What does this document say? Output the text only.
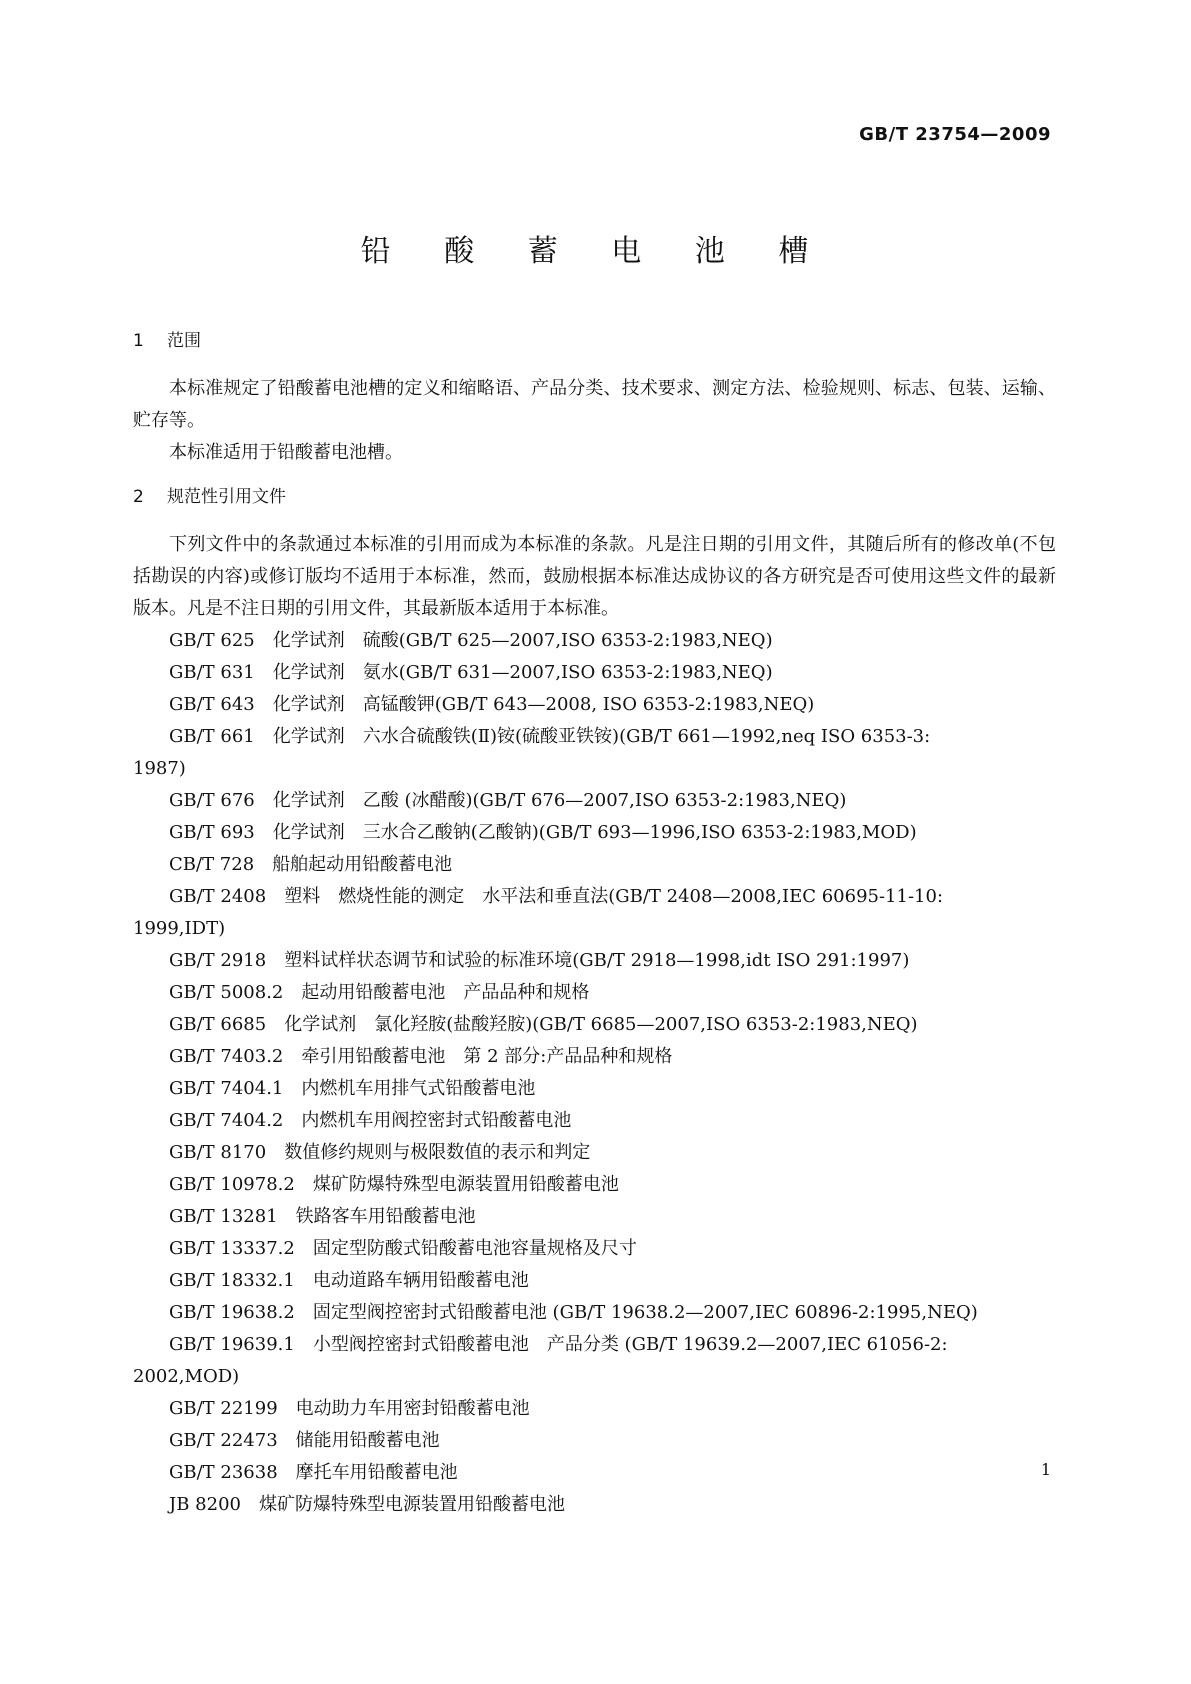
GB/T 23754—2009
铅 酸 蓄 电 池 槽
1 范围
本标准规定了铅酸蓄电池槽的定义和缩略语、产品分类、技术要求、测定方法、检验规则、标志、包装、运输、贮存等。
本标准适用于铅酸蓄电池槽。
2 规范性引用文件
下列文件中的条款通过本标准的引用而成为本标准的条款。凡是注日期的引用文件，其随后所有的修改单(不包括勘误的内容)或修订版均不适用于本标准，然而，鼓励根据本标准达成协议的各方研究是否可使用这些文件的最新版本。凡是不注日期的引用文件，其最新版本适用于本标准。
GB/T 625　化学试剂　硫酸(GB/T 625—2007,ISO 6353-2:1983,NEQ)
GB/T 631　化学试剂　氨水(GB/T 631—2007,ISO 6353-2:1983,NEQ)
GB/T 643　化学试剂　高锰酸钾(GB/T 643—2008, ISO 6353-2:1983,NEQ)
GB/T 661　化学试剂　六水合硫酸铁(Ⅱ)铵(硫酸亚铁铵)(GB/T 661—1992,neq ISO 6353-3:
1987)
GB/T 676　化学试剂　乙酸 (冰醋酸)(GB/T 676—2007,ISO 6353-2:1983,NEQ)
GB/T 693　化学试剂　三水合乙酸钠(乙酸钠)(GB/T 693—1996,ISO 6353-2:1983,MOD)
CB/T 728　船舶起动用铅酸蓄电池
GB/T 2408　塑料　燃烧性能的测定　水平法和垂直法(GB/T 2408—2008,IEC 60695-11-10:
1999,IDT)
GB/T 2918　塑料试样状态调节和试验的标准环境(GB/T 2918—1998,idt ISO 291:1997)
GB/T 5008.2　起动用铅酸蓄电池　产品品种和规格
GB/T 6685　化学试剂　氯化羟胺(盐酸羟胺)(GB/T 6685—2007,ISO 6353-2:1983,NEQ)
GB/T 7403.2　牵引用铅酸蓄电池　第 2 部分:产品品种和规格
GB/T 7404.1　内燃机车用排气式铅酸蓄电池
GB/T 7404.2　内燃机车用阀控密封式铅酸蓄电池
GB/T 8170　数值修约规则与极限数值的表示和判定
GB/T 10978.2　煤矿防爆特殊型电源装置用铅酸蓄电池
GB/T 13281　铁路客车用铅酸蓄电池
GB/T 13337.2　固定型防酸式铅酸蓄电池容量规格及尺寸
GB/T 18332.1　电动道路车辆用铅酸蓄电池
GB/T 19638.2　固定型阀控密封式铅酸蓄电池 (GB/T 19638.2—2007,IEC 60896-2:1995,NEQ)
GB/T 19639.1　小型阀控密封式铅酸蓄电池　产品分类 (GB/T 19639.2—2007,IEC 61056-2:
2002,MOD)
GB/T 22199　电动助力车用密封铅酸蓄电池
GB/T 22473　储能用铅酸蓄电池
GB/T 23638　摩托车用铅酸蓄电池
JB 8200　煤矿防爆特殊型电源装置用铅酸蓄电池
1
